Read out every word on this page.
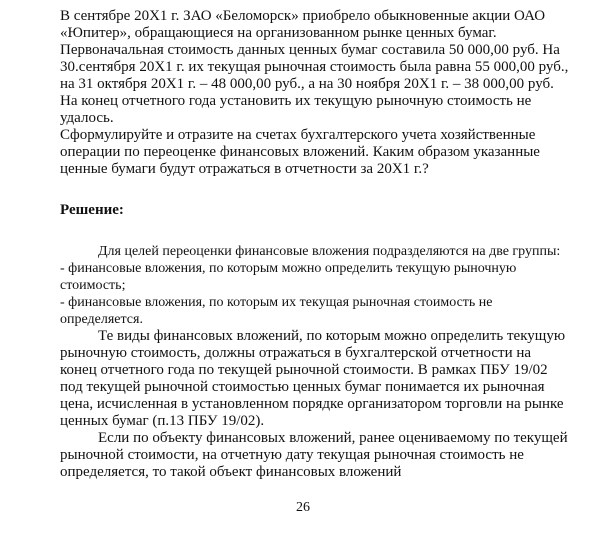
В сентябре 20Х1 г. ЗАО «Беломорск» приобрело обыкновенные акции ОАО «Юпитер», обращающиеся на организованном рынке ценных бумаг. Первоначальная стоимость данных ценных бумаг составила 50 000,00 руб. На 30.сентября 20Х1 г. их текущая рыночная стоимость была равна 55 000,00 руб., на 31 октября 20Х1 г. – 48 000,00 руб., а на 30 ноября 20Х1 г. – 38 000,00 руб. На конец отчетного года установить их текущую рыночную стоимость не удалось.

Сформулируйте и отразите на счетах бухгалтерского учета хозяйственные операции по переоценке финансовых вложений. Каким образом указанные ценные бумаги будут отражаться в отчетности за 20Х1 г.?

Решение:

Для целей переоценки финансовые вложения подразделяются на две группы:

- финансовые вложения, по которым можно определить текущую рыночную стоимость;

- финансовые вложения, по которым их текущая рыночная стоимость не определяется.

Те виды финансовых вложений, по которым можно определить текущую рыночную стоимость, должны отражаться в бухгалтерской отчетности на конец отчетного года по текущей рыночной стоимости. В рамках ПБУ 19/02 под текущей рыночной стоимостью ценных бумаг понимается их рыночная цена, исчисленная в установленном порядке организатором торговли на рынке ценных бумаг (п.13 ПБУ 19/02).

Если по объекту финансовых вложений, ранее оцениваемому по текущей рыночной стоимости, на отчетную дату текущая рыночная стоимость не определяется, то такой объект финансовых вложений

26
